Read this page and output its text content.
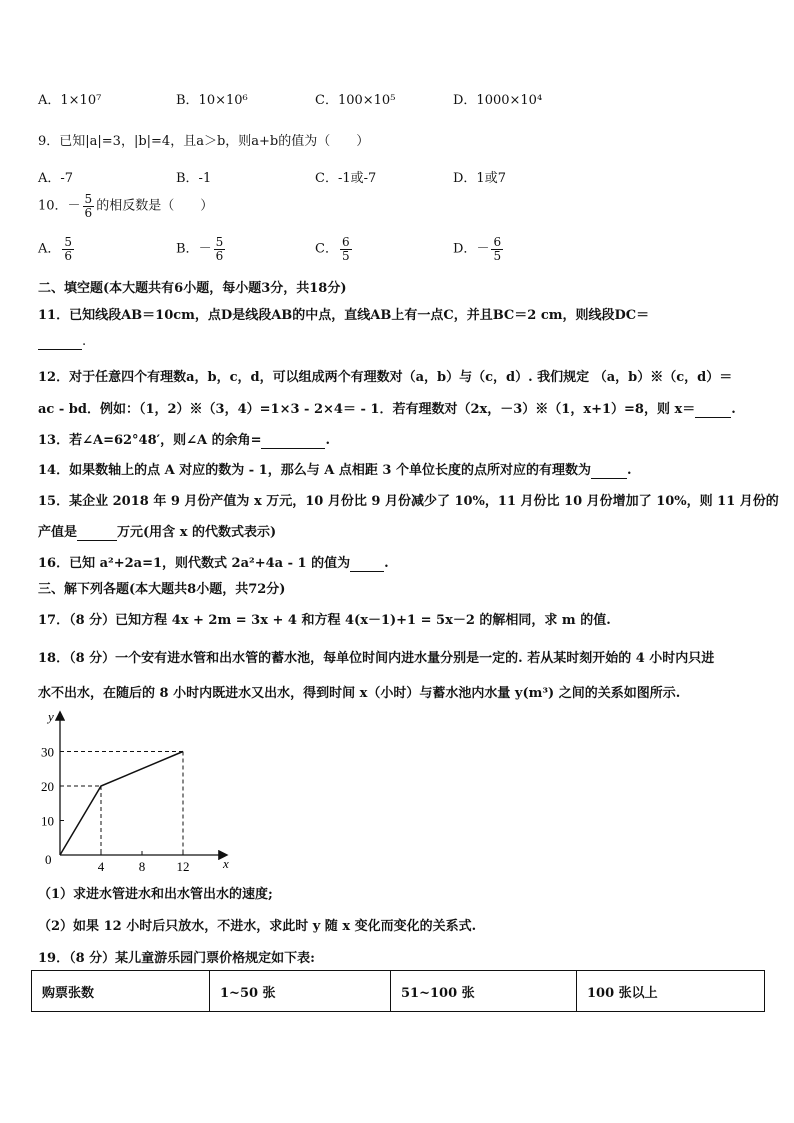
A．1×10⁷	B．10×10⁶	C．100×10⁵	D．1000×10⁴
9．已知|a|=3，|b|=4，且a＞b，则a+b的值为（　　）
A．-7	B．-1	C．-1或-7	D．1或7
10．－ $\frac{5}{6}$ 的相反数是（　　）
A． $\frac{5}{6}$	B．－ $\frac{5}{6}$	C． $\frac{6}{5}$	D．－ $\frac{6}{5}$
二、填空题(本大题共有6小题，每小题3分，共18分)
11．已知线段AB＝10cm，点D是线段AB的中点，直线AB上有一点C，并且BC＝2 cm，则线段DC＝
.
12．对于任意四个有理数a，b，c，d，可以组成两个有理数对（a，b）与（c，d）. 我们规定 （a，b）※（c，d）＝
ac - bd．例如：（1，2）※（3，4）=1×3 - 2×4＝ - 1．若有理数对（2x，－3）※（1，x+1）=8，则 x＝	.
13．若∠A=62°48′，则∠A 的余角=	.
14．如果数轴上的点 A 对应的数为 - 1，那么与 A 点相距 3 个单位长度的点所对应的有理数为	.
15．某企业 2018 年 9 月份产值为 x 万元，10 月份比 9 月份减少了 10%，11 月份比 10 月份增加了 10%，则 11 月份的
产值是	万元(用含 x 的代数式表示)
16．已知 a²+2a=1，则代数式 2a²+4a - 1 的值为	.
三、解下列各题(本大题共8小题，共72分)
17．（8 分）已知方程 4x + 2m = 3x + 4 和方程 4(x－1)+1 = 5x－2 的解相同，求 m 的值.
18．（8 分）一个安有进水管和出水管的蓄水池，每单位时间内进水量分别是一定的. 若从某时刻开始的 4 小时内只进
水不出水，在随后的 8 小时内既进水又出水，得到时间 x（小时）与蓄水池内水量 y(m³) 之间的关系如图所示.
y
x
0	4	8 12
10
20
30
（1）求进水管进水和出水管出水的速度;
（2）如果 12 小时后只放水，不进水，求此时 y 随 x 变化而变化的关系式.
19．（8 分）某儿童游乐园门票价格规定如下表:
购票张数	1~50 张	51~100 张	100 张以上
